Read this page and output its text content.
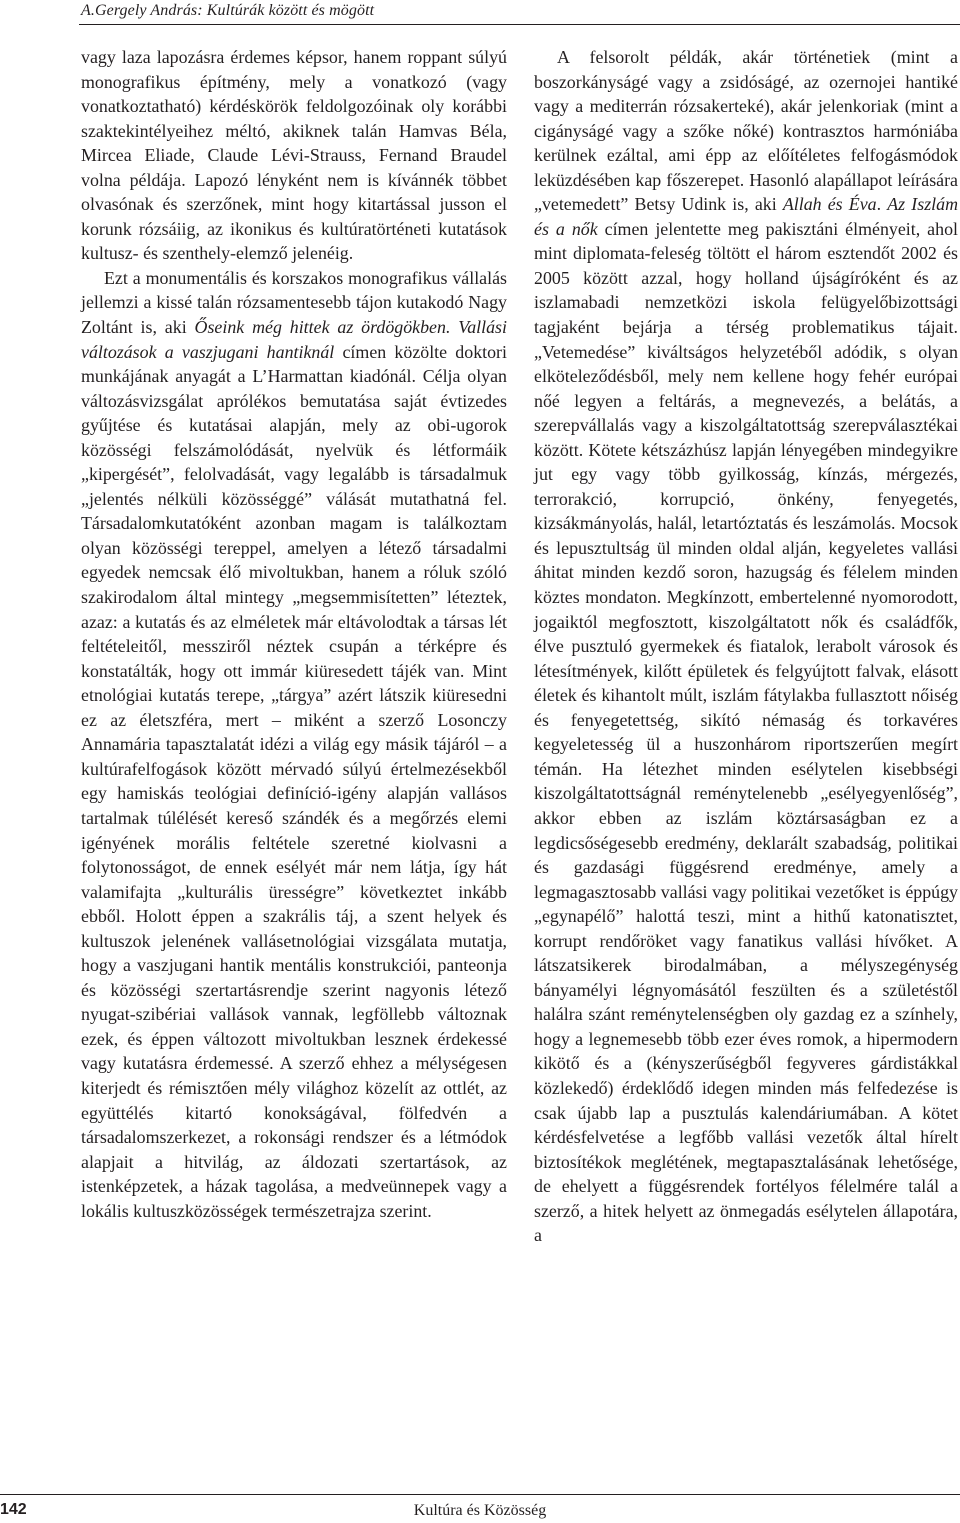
A.Gergely András: Kultúrák között és mögött

vagy laza lapozásra érdemes képsor, hanem roppant súlyú monografikus építmény, mely a vonatkozó (vagy vonatkoztatható) kérdéskörök feldolgozóinak oly korábbi szaktekintélyeihez méltó, akiknek talán Hamvas Béla, Mircea Eliade, Claude Lévi-Strauss, Fernand Braudel volna példája. Lapozó lényként nem is kívánnék többet olvasónak és szerzőnek, mint hogy kitartással jusson el korunk rózsáiig, az ikonikus és kultúratörténeti kutatások kultusz- és szenthely-elemző jelenéig.

Ezt a monumentális és korszakos monografikus vállalás jellemzi a kissé talán rózsamentesebb tájon kutakodó Nagy Zoltánt is, aki Őseink még hittek az ördögökben. Vallási változások a vaszjugani hantiknál címen közölte doktori munkájának anyagát a L’Harmattan kiadónál. Célja olyan változásvizsgálat aprólékos bemutatása saját évtizedes gyűjtése és kutatásai alapján, mely az obi-ugorok közösségi felszámolódását, nyelvük és létformáik „kipergését”, felolvadását, vagy legalább is társadalmuk „jelentés nélküli közösséggé” válását mutathatná fel. Társadalomkutatóként azonban magam is találkoztam olyan közösségi tereppel, amelyen a létező társadalmi egyedek nemcsak élő mivoltukban, hanem a róluk szóló szakirodalom által mintegy „megsemmisítetten” léteztek, azaz: a kutatás és az elméletek már eltávolodtak a társas lét feltételeitől, messziről néztek csupán a térképre és konstatálták, hogy ott immár kiüresedett tájék van. Mint etnológiai kutatás terepe, „tárgya” azért látszik kiüresedni ez az életszféra, mert – miként a szerző Losonczy Annamária tapasztalatát idézi a világ egy másik tájáról – a kultúrafelfogások között mérvadó súlyú értelmezésekből egy hamiskás teológiai definíció-igény alapján vallásos tartalmak túlélését kereső szándék és a megőrzés elemi igényének morális feltétele szeretné kiolvasni a folytonosságot, de ennek esélyét már nem látja, így hát valamifajta „kulturális ürességre” következtet inkább ebből. Holott éppen a szakrális táj, a szent helyek és kultuszok jelenének vallásetnológiai vizsgálata mutatja, hogy a vaszjugani hantik mentális konstrukciói, panteonja és közösségi szertartásrendje szerint nagyonis létező nyugat-szibériai vallások vannak, legföllebb változnak ezek, és éppen változott mivoltukban lesznek érdekessé vagy kutatásra érdemessé. A szerző ehhez a mélységesen kiterjedt és rémisztően mély világhoz közelít az ottlét, az együttélés kitartó konokságával, fölfedvén a társadalomszerkezet, a rokonsági rendszer és a létmódok alapjait a hitvilág, az áldozati szertartások, az istenképzetek, a házak tagolása, a medveünnepek vagy a lokális kultuszközösségek természetrajza szerint.

A felsorolt példák, akár történetiek (mint a boszorkányságé vagy a zsidóságé, az ozernojei hantiké vagy a mediterrán rózsakerteké), akár jelenkoriak (mint a cigányságé vagy a szőke nőké) kontrasztos harmóniába kerülnek ezáltal, ami épp az előítéletes felfogásmódok leküzdésében kap főszerepet. Hasonló alapállapot leírására „vetemedett” Betsy Udink is, aki Allah és Éva. Az Iszlám és a nők címen jelentette meg pakisztáni élményeit, ahol mint diplomata-feleség töltött el három esztendőt 2002 és 2005 között azzal, hogy holland újságíróként és az iszlamabadi nemzetközi iskola felügyelőbizottsági tagjaként bejárja a térség problematikus tájait. „Vetemedése” kiváltságos helyzetéből adódik, s olyan elköteleződésből, mely nem kellene hogy fehér európai nőé legyen a feltárás, a megnevezés, a belátás, a szerepvállalás vagy a kiszolgáltatottság szerepválasztékai között. Kötete kétszázhúsz lapján lényegében mindegyikre jut egy vagy több gyilkosság, kínzás, mérgezés, terrorakció, korrupció, önkény, fenyegetés, kizsákmányolás, halál, letartóztatás és leszámolás. Mocsok és lepusztultság ül minden oldal alján, kegyeletes vallási áhitat minden kezdő soron, hazugság és félelem minden köztes mondaton. Megkínzott, embertelenné nyomorodott, jogaiktól megfosztott, kiszolgáltatott nők és családfők, élve pusztuló gyermekek és fiatalok, lerabolt városok és létesítmények, kilőtt épületek és felgyújtott falvak, elásott életek és kihantolt múlt, iszlám fátylakba fullasztott nőiség és fenyegetettség, sikító némaság és torkavéres kegyeletesség ül a huszonhárom riportszerűen megírt témán. Ha létezhet minden esélytelen kisebbségi kiszolgáltatottságnál reménytelenebb „esélyegyenlőség”, akkor ebben az iszlám köztársaságban ez a legdicsőségesebb eredmény, deklarált szabadság, politikai és gazdasági függésrend eredménye, amely a legmagasztosabb vallási vagy politikai vezetőket is éppúgy „egynapélő” halottá teszi, mint a hithű katonatisztet, korrupt rendőröket vagy fanatikus vallási hívőket. A látszatsikerek birodalmában, a mélyszegénység bányamélyi légnyomásától feszülten és a születéstől halálra szánt reménytelenségben oly gazdag ez a színhely, hogy a legnemesebb több ezer éves romok, a hipermodern kikötő és a (kényszerűségből fegyveres gárdistákkal közlekedő) érdeklődő idegen minden más felfedezése is csak újabb lap a pusztulás kalendáriumában. A kötet kérdésfelvetése a legfőbb vallási vezetők által hírelt biztosítékok meglétének, megtapasztalásának lehetősége, de ehelyett a függésrendek fortélyos félelmére talál a szerző, a hitek helyett az önmegadás esélytelen állapotára, a

142	Kultúra és Közösség
